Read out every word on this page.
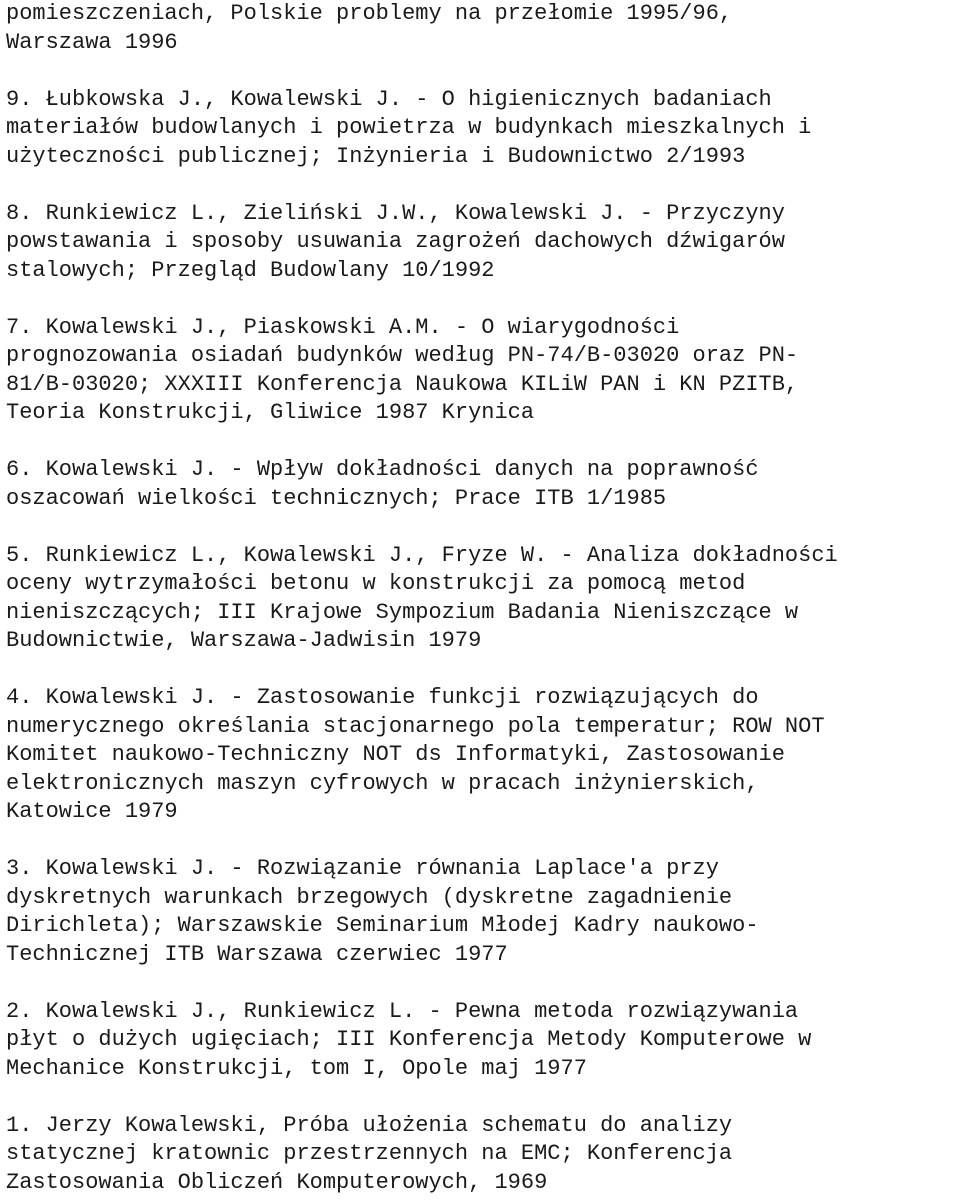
pomieszczeniach, Polskie problemy na przełomie 1995/96,
Warszawa 1996
9. Łubkowska J., Kowalewski J. - O higienicznych badaniach
materiałów budowlanych i powietrza w budynkach mieszkalnych i
użyteczności publicznej; Inżynieria i Budownictwo 2/1993
8. Runkiewicz L., Zieliński J.W., Kowalewski J. - Przyczyny
powstawania i sposoby usuwania zagrożeń dachowych dźwigarów
stalowych; Przegląd Budowlany 10/1992
7. Kowalewski J., Piaskowski A.M. - O wiarygodności
prognozowania osiadań budynków według PN-74/B-03020 oraz PN-
81/B-03020; XXXIII Konferencja Naukowa KILiW PAN i KN PZITB,
Teoria Konstrukcji, Gliwice 1987 Krynica
6. Kowalewski J. - Wpływ dokładności danych na poprawność
oszacowań wielkości technicznych; Prace ITB 1/1985
5. Runkiewicz L., Kowalewski J., Fryze W. - Analiza dokładności
oceny wytrzymałości betonu w konstrukcji za pomocą metod
nieniszczących; III Krajowe Sympozium Badania Nieniszczące w
Budownictwie, Warszawa-Jadwisin 1979
4. Kowalewski J. - Zastosowanie funkcji rozwiązujących do
numerycznego określania stacjonarnego pola temperatur; ROW NOT
Komitet naukowo-Techniczny NOT ds Informatyki, Zastosowanie
elektronicznych maszyn cyfrowych w pracach inżynierskich,
Katowice 1979
3. Kowalewski J. - Rozwiązanie równania Laplace'a przy
dyskretnych warunkach brzegowych (dyskretne zagadnienie
Dirichleta); Warszawskie Seminarium Młodej Kadry naukowo-
Technicznej ITB Warszawa czerwiec 1977
2. Kowalewski J., Runkiewicz L. - Pewna metoda rozwiązywania
płyt o dużych ugięciach; III Konferencja Metody Komputerowe w
Mechanice Konstrukcji, tom I, Opole maj 1977
1. Jerzy Kowalewski, Próba ułożenia schematu do analizy
statycznej kratownic przestrzennych na EMC; Konferencja
Zastosowania Obliczeń Komputerowych, 1969
